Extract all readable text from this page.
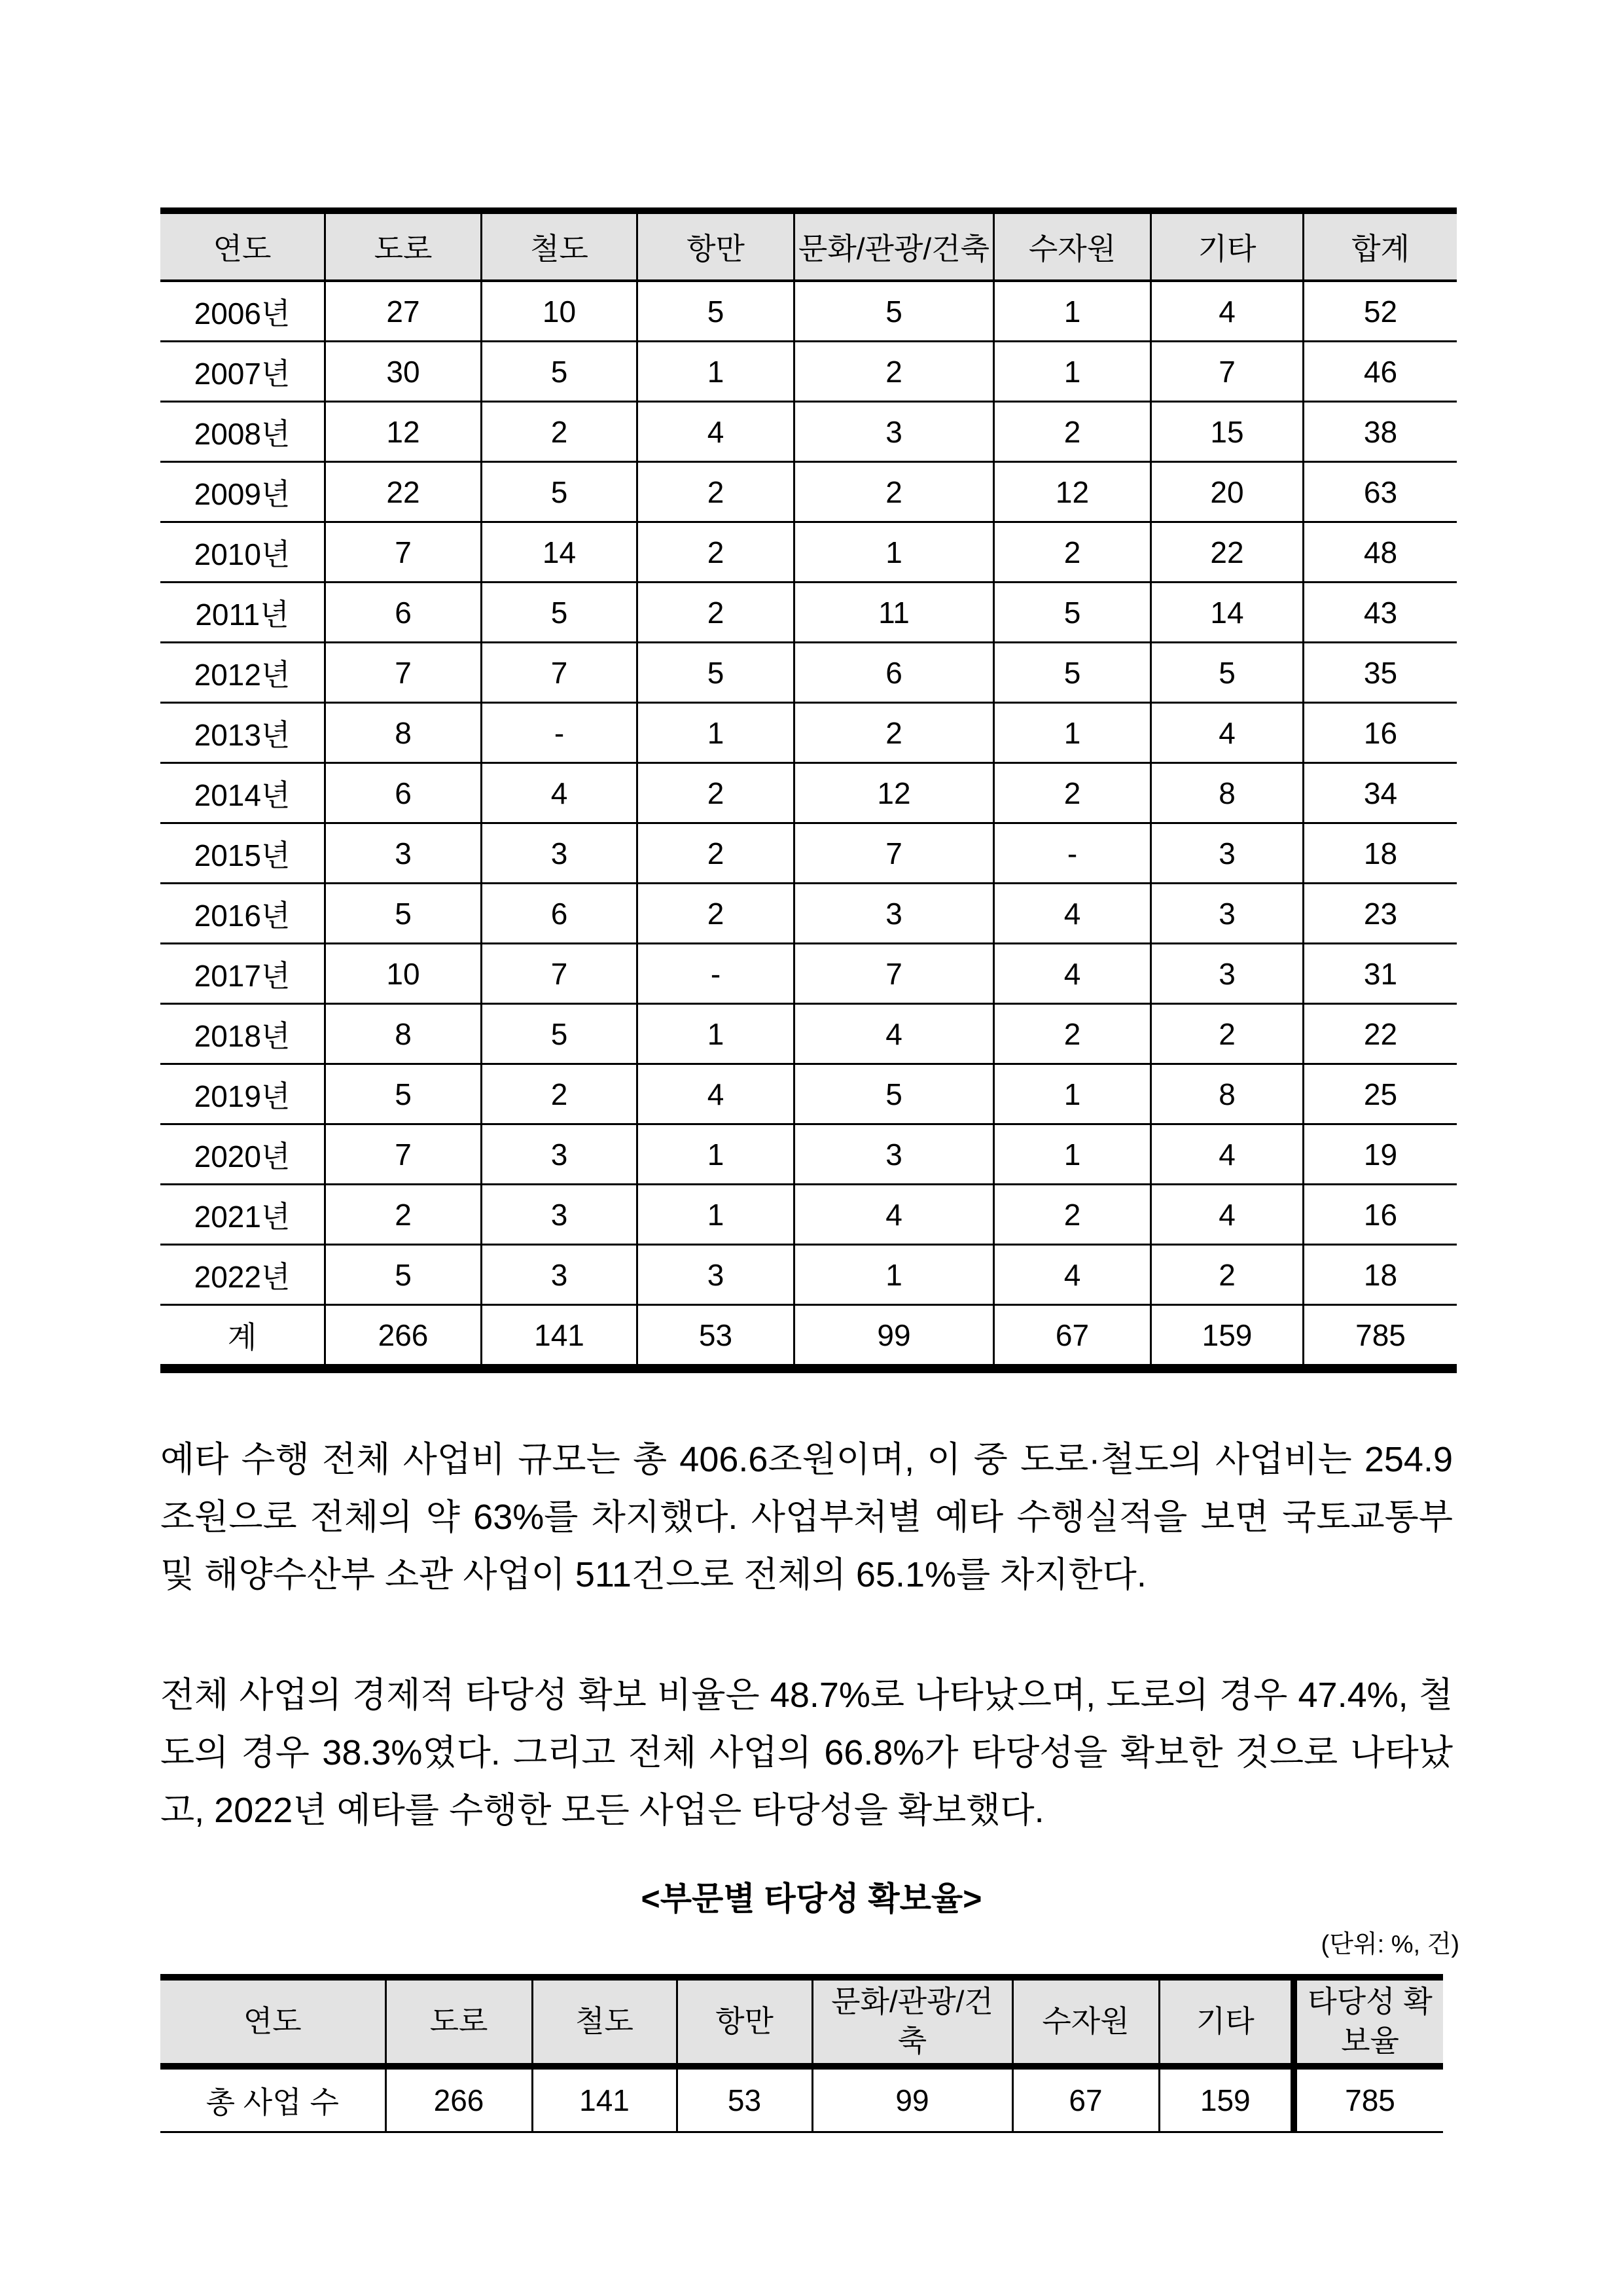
연도	도로	철도	항만	문화/관광/건축	수자원	기타	합계
2006년	27	10	5	5	1	4	52
2007년	30	5	1	2	1	7	46
2008년	12	2	4	3	2	15	38
2009년	22	5	2	2	12	20	63
2010년	7	14	2	1	2	22	48
2011년	6	5	2	11	5	14	43
2012년	7	7	5	6	5	5	35
2013년	8	-	1	2	1	4	16
2014년	6	4	2	12	2	8	34
2015년	3	3	2	7	-	3	18
2016년	5	6	2	3	4	3	23
2017년	10	7	-	7	4	3	31
2018년	8	5	1	4	2	2	22
2019년	5	2	4	5	1	8	25
2020년	7	3	1	3	1	4	19
2021년	2	3	1	4	2	4	16
2022년	5	3	3	1	4	2	18
계	266	141	53	99	67	159	785

예타 수행 전체 사업비 규모는 총 406.6조원이며, 이 중 도로·철도의 사업비는 254.9조원으로 전체의 약 63%를 차지했다. 사업부처별 예타 수행실적을 보면 국토교통부 및 해양수산부 소관 사업이 511건으로 전체의 65.1%를 차지한다.

전체 사업의 경제적 타당성 확보 비율은 48.7%로 나타났으며, 도로의 경우 47.4%, 철도의 경우 38.3%였다. 그리고 전체 사업의 66.8%가 타당성을 확보한 것으로 나타났고, 2022년 예타를 수행한 모든 사업은 타당성을 확보했다.

<부문별 타당성 확보율>
(단위: %, 건)
연도	도로	철도	항만	문화/관광/건축	수자원	기타	타당성 확보율
총 사업 수	266	141	53	99	67	159	785
